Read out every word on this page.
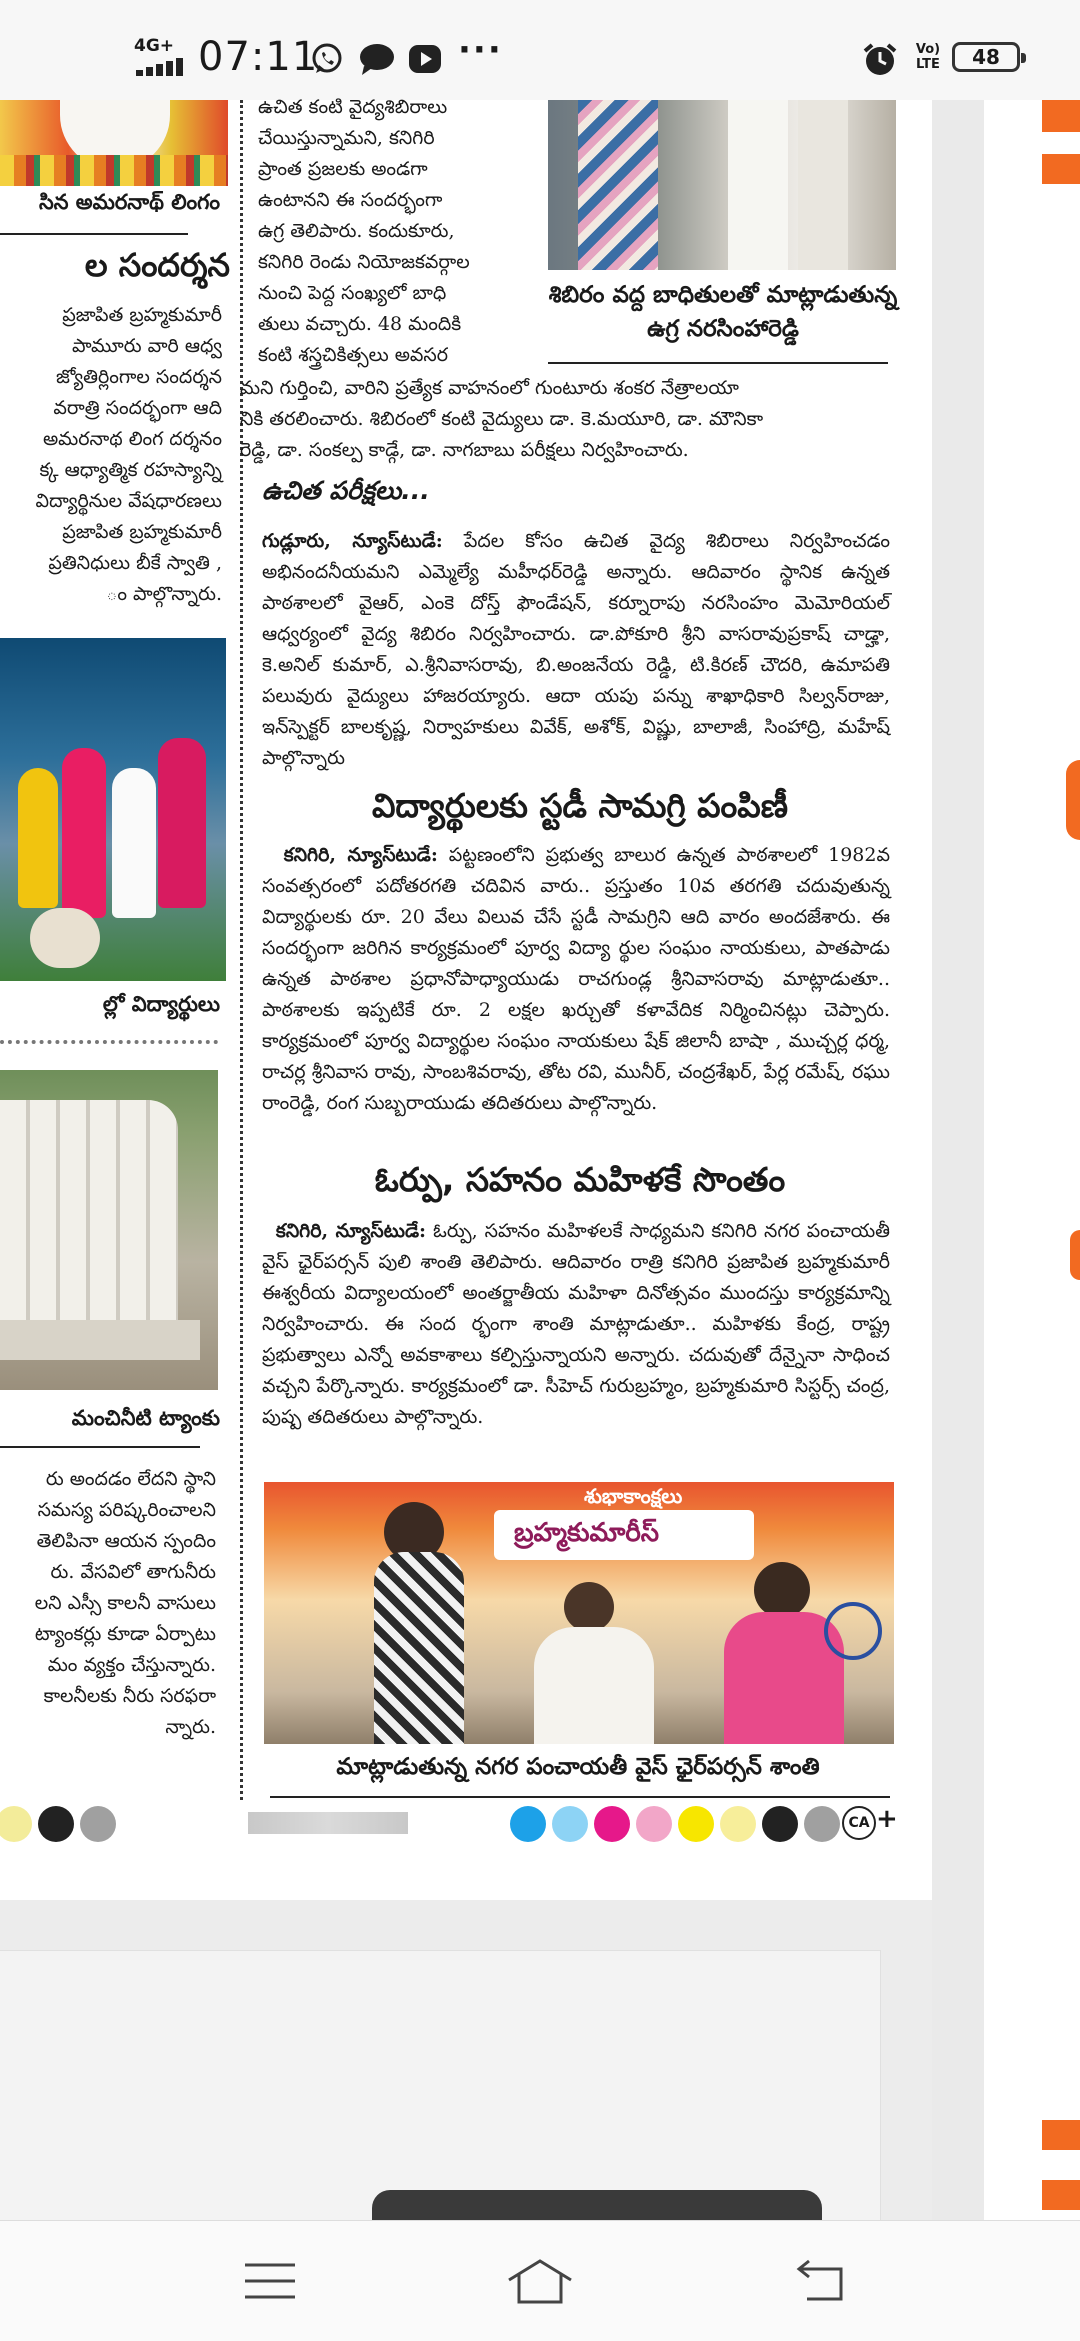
4G+ 07:11	···	Vo) LTE	48
సిన అమరనాథ్ లింగం
ల సందర్శన
ప్రజాపిత బ్రహ్మకుమారీ
పామూరు వారి ఆధ్వ
జ్యోతిర్లింగాల సందర్శన
వరాత్రి సందర్భంగా ఆది
అమరనాథ లింగ దర్శనం
క్క ఆధ్యాత్మిక రహస్యాన్ని
విద్యార్థినుల వేషధారణలు
ప్రజాపిత బ్రహ్మకుమారీ
ప్రతినిధులు బీకే స్వాతి ,
ం పాల్గొన్నారు.
ల్లో విద్యార్థులు
మంచినీటి ట్యాంకు
రు అందడం లేదని స్థాని
సమస్య పరిష్కరించాలని
తెలిపినా ఆయన స్పందిం
రు. వేసవిలో తాగునీరు
లని ఎస్సీ కాలనీ వాసులు
ట్యాంకర్లు కూడా ఏర్పాటు
మం వ్యక్తం చేస్తున్నారు.
కాలనీలకు నీరు సరఫరా
న్నారు.
ఉచిత కంటి వైద్యశిబిరాలు
చేయిస్తున్నామని, కనిగిరి
ప్రాంత ప్రజలకు అండగా
ఉంటానని ఈ సందర్భంగా
ఉగ్ర తెలిపారు. కందుకూరు,
కనిగిరి రెండు నియోజకవర్గాల
నుంచి పెద్ద సంఖ్యలో బాధి
తులు వచ్చారు. 48 మందికి
కంటి శస్త్రచికిత్సలు అవసర
మని గుర్తించి, వారిని ప్రత్యేక వాహనంలో గుంటూరు శంకర నేత్రాలయా
నికి తరలించారు. శిబిరంలో కంటి వైద్యులు డా. కె.మయూరి, డా. మౌనికా
రెడ్డి, డా. సంకల్ప కాడ్గే, డా. నాగబాబు పరీక్షలు నిర్వహించారు.
శిబిరం వద్ద బాధితులతో మాట్లాడుతున్న ఉగ్ర నరసింహారెడ్డి
ఉచిత పరీక్షలు...

గుడ్లూరు, న్యూస్‌టుడే: పేదల కోసం ఉచిత వైద్య శిబిరాలు నిర్వహించడం అభినందనీయమని ఎమ్మెల్యే మహీధర్‌రెడ్డి అన్నారు. ఆదివారం స్థానిక ఉన్నత పాఠశాలలో వైఆర్, ఎంకె దోస్త్ ఫౌండేషన్, కర్నూరాపు నరసింహం మెమోరియల్ ఆధ్వర్యంలో వైద్య శిబిరం నిర్వహించారు. డా.పోకూరి శ్రీని వాసరావుప్రకాష్ చాడ్హా, కె.అనిల్ కుమార్, ఎ.శ్రీనివాసరావు, బి.అంజనేయ రెడ్డి, టి.కిరణ్ చౌదరి, ఉమాపతి పలువురు వైద్యులు హాజరయ్యారు. ఆదా యపు పన్ను శాఖాధికారి సిల్వన్‌రాజు, ఇన్‌స్పెక్టర్ బాలకృష్ణ, నిర్వాహకులు వివేక్, అశోక్, విష్ణు, బాలాజీ, సింహాద్రి, మహేష్ పాల్గొన్నారు

విద్యార్థులకు స్టడీ సామగ్రి పంపిణీ

కనిగిరి, న్యూస్‌టుడే: పట్టణంలోని ప్రభుత్వ బాలుర ఉన్నత పాఠశాలలో 1982వ సంవత్సరంలో పదోతరగతి చదివిన వారు.. ప్రస్తుతం 10వ తరగతి చదువుతున్న విద్యార్థులకు రూ. 20 వేలు విలువ చేసే స్టడీ సామగ్రిని ఆది వారం అందజేశారు. ఈ సందర్భంగా జరిగిన కార్యక్రమంలో పూర్వ విద్యా ర్థుల సంఘం నాయకులు, పాతపాడు ఉన్నత పాఠశాల ప్రధానోపాధ్యాయుడు రాచగుండ్ల శ్రీనివాసరావు మాట్లాడుతూ.. పాఠశాలకు ఇప్పటికే రూ. 2 లక్షల ఖర్చుతో కళావేదిక నిర్మించినట్లు చెప్పారు. కార్యక్రమంలో పూర్వ విద్యార్థుల సంఘం నాయకులు షేక్ జిలానీ బాషా , ముచ్చర్ల ధర్మ, రాచర్ల శ్రీనివాస రావు, సాంబశివరావు, తోట రవి, మునీర్, చంద్రశేఖర్, పేర్ల రమేష్, రఘు రాంరెడ్డి, రంగ సుబ్బరాయుడు తదితరులు పాల్గొన్నారు.

ఓర్పు, సహనం మహిళకే సొంతం

కనిగిరి, న్యూస్‌టుడే: ఓర్పు, సహనం మహిళలకే సాధ్యమని కనిగిరి నగర పంచాయతీ వైస్ ఛైర్‌పర్సన్ పులి శాంతి తెలిపారు. ఆదివారం రాత్రి కనిగిరి ప్రజాపిత బ్రహ్మకుమారీ ఈశ్వరీయ విద్యాలయంలో అంతర్జాతీయ మహిళా దినోత్సవం ముందస్తు కార్యక్రమాన్ని నిర్వహించారు. ఈ సంద ర్భంగా శాంతి మాట్లాడుతూ.. మహిళకు కేంద్ర, రాష్ట్ర ప్రభుత్వాలు ఎన్నో అవకాశాలు కల్పిస్తున్నాయని అన్నారు. చదువుతో దేన్నైనా సాధించ వచ్చని పేర్కొన్నారు. కార్యక్రమంలో డా. సీహెచ్ గురుబ్రహ్మం, బ్రహ్మకుమారి సిస్టర్స్ చంద్ర, పుష్ప తదితరులు పాల్గొన్నారు.

బ్రహ్మకుమారీస్
శుభాకాంక్షలు
మాట్లాడుతున్న నగర పంచాయతీ వైస్ ఛైర్‌పర్సన్ శాంతి
CA +
